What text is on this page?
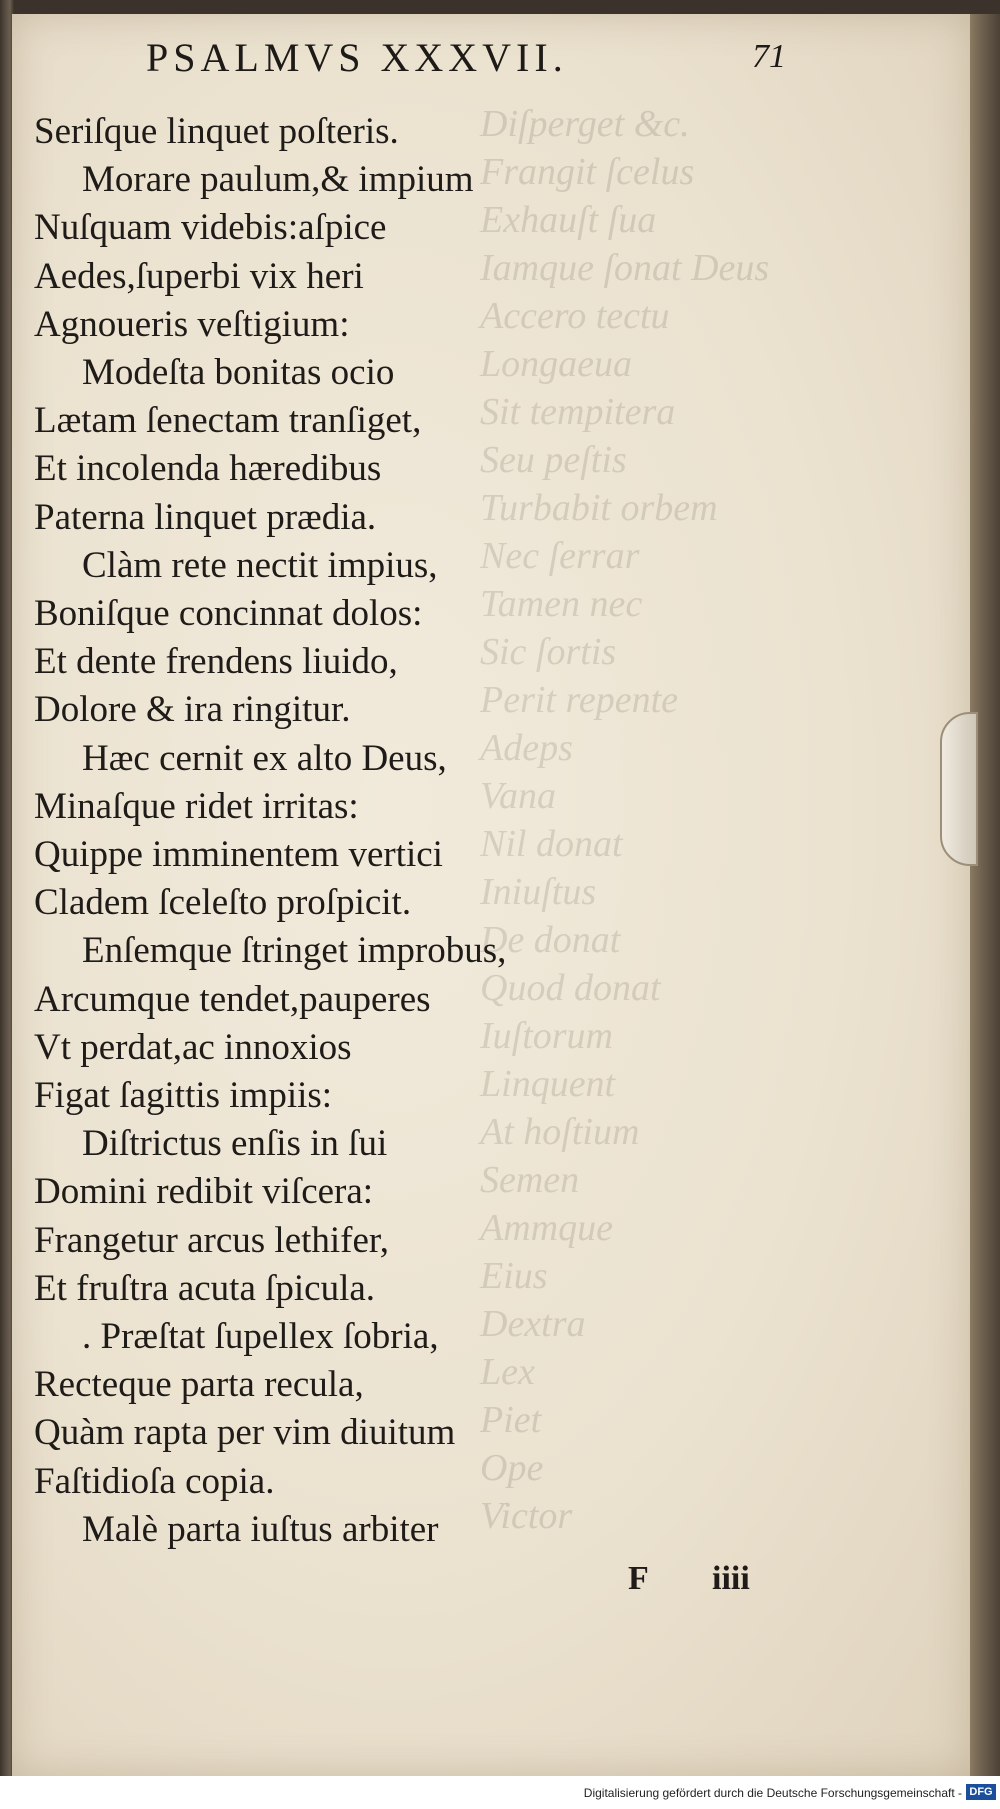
Diſperget &c.
Frangit ſcelus
Exhauſt ſua
Iamque ſonat Deus
Accero tectu
Longaeua
Sit tempitera
Seu peſtis
Turbabit orbem
Nec ſerrar
Tamen nec
Sic ſortis
Perit repente
Adeps
Vana
Nil donat
Iniuſtus
De donat
Quod donat
Iuſtorum
Linquent
At hoſtium
Semen
Ammque
Eius
Dextra
Lex
Piet
Ope
Victor
PSALMVS XXXVII.	71
Seriſque linquet poſteris.
Morare paulum,& impium
Nuſquam videbis:aſpice
Aedes,ſuperbi vix heri
Agnoueris veſtigium:
Modeſta bonitas ocio
Lætam ſenectam tranſiget,
Et incolenda hæredibus
Paterna linquet prædia.
Clàm rete nectit impius,
Boniſque concinnat dolos:
Et dente frendens liuido,
Dolore & ira ringitur.
Hæc cernit ex alto Deus,
Minaſque ridet irritas:
Quippe imminentem vertici
Cladem ſceleſto proſpicit.
Enſemque ſtringet improbus,
Arcumque tendet,pauperes
Vt perdat,ac innoxios
Figat ſagittis impiis:
Diſtrictus enſis in ſui
Domini redibit viſcera:
Frangetur arcus lethifer,
Et fruſtra acuta ſpicula.
. Præſtat ſupellex ſobria,
Recteque parta recula,
Quàm rapta per vim diuitum
Faſtidioſa copia.
Malè parta iuſtus arbiter
F iiii
Digitalisierung gefördert durch die Deutsche Forschungsgemeinschaft - DFG
